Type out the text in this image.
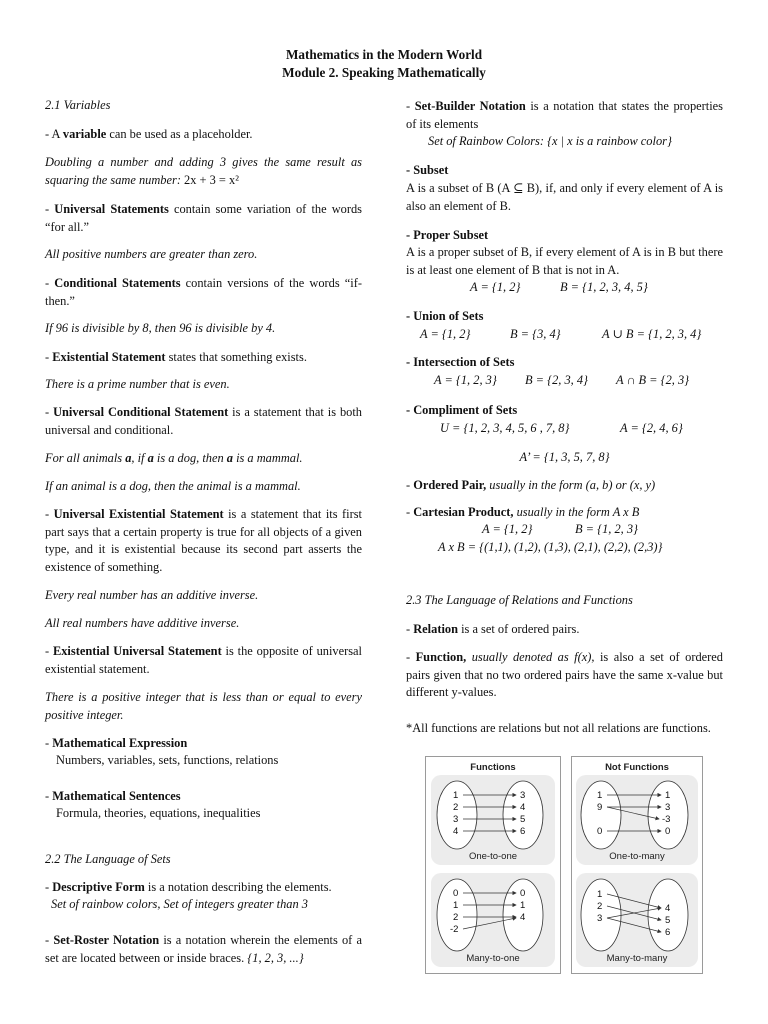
Mathematics in the Modern World
Module 2. Speaking Mathematically
2.1 Variables
- A variable can be used as a placeholder.
Doubling a number and adding 3 gives the same result as squaring the same number: 2x + 3 = x²
- Universal Statements contain some variation of the words “for all.”
All positive numbers are greater than zero.
- Conditional Statements contain versions of the words “if-then.”
If 96 is divisible by 8, then 96 is divisible by 4.
- Existential Statement states that something exists.
There is a prime number that is even.
- Universal Conditional Statement is a statement that is both universal and conditional.
For all animals a, if a is a dog, then a is a mammal.
If an animal is a dog, then the animal is a mammal.
- Universal Existential Statement is a statement that its first part says that a certain property is true for all objects of a given type, and it is existential because its second part asserts the existence of something.
Every real number has an additive inverse.
All real numbers have additive inverse.
- Existential Universal Statement is the opposite of universal existential statement.
There is a positive integer that is less than or equal to every positive integer.
- Mathematical Expression
Numbers, variables, sets, functions, relations
- Mathematical Sentences
Formula, theories, equations, inequalities
2.2 The Language of Sets
- Descriptive Form is a notation describing the elements.
Set of rainbow colors, Set of integers greater than 3
- Set-Roster Notation is a notation wherein the elements of a set are located between or inside braces. {1, 2, 3, ...}
- Set-Builder Notation is a notation that states the properties of its elements
Set of Rainbow Colors: {x | x is a rainbow color}
- Subset
A is a subset of B (A ⊆ B), if, and only if every element of A is also an element of B.
- Proper Subset
A is a proper subset of B, if every element of A is in B but there is at least one element of B that is not in A.
A = {1, 2}	B = {1, 2, 3, 4, 5}
- Union of Sets
A = {1, 2}	B = {3, 4}	A ∪ B = {1, 2, 3, 4}
- Intersection of Sets
A = {1, 2, 3} B = {2, 3, 4} A ∩ B = {2, 3}
- Compliment of Sets
U = {1, 2, 3, 4, 5, 6 , 7, 8}	A = {2, 4, 6}
A’ = {1, 3, 5, 7, 8}
- Ordered Pair, usually in the form (a, b) or (x, y)
- Cartesian Product, usually in the form A x B
A = {1, 2}	B = {1, 2, 3}
A x B = {(1,1), (1,2), (1,3), (2,1), (2,2), (2,3)}
2.3 The Language of Relations and Functions
- Relation is a set of ordered pairs.
- Function, usually denoted as f(x), is also a set of ordered pairs given that no two ordered pairs have the same x-value but different y-values.
*All functions are relations but not all relations are functions.
Functions
1
2
3
4
3
4
5
6
One-to-one
0
1
2
-2
0
1
4
Many-to-one
Not Functions
1
9
0
1
3
-3
0
One-to-many
1
2
3
4
5
6
Many-to-many
